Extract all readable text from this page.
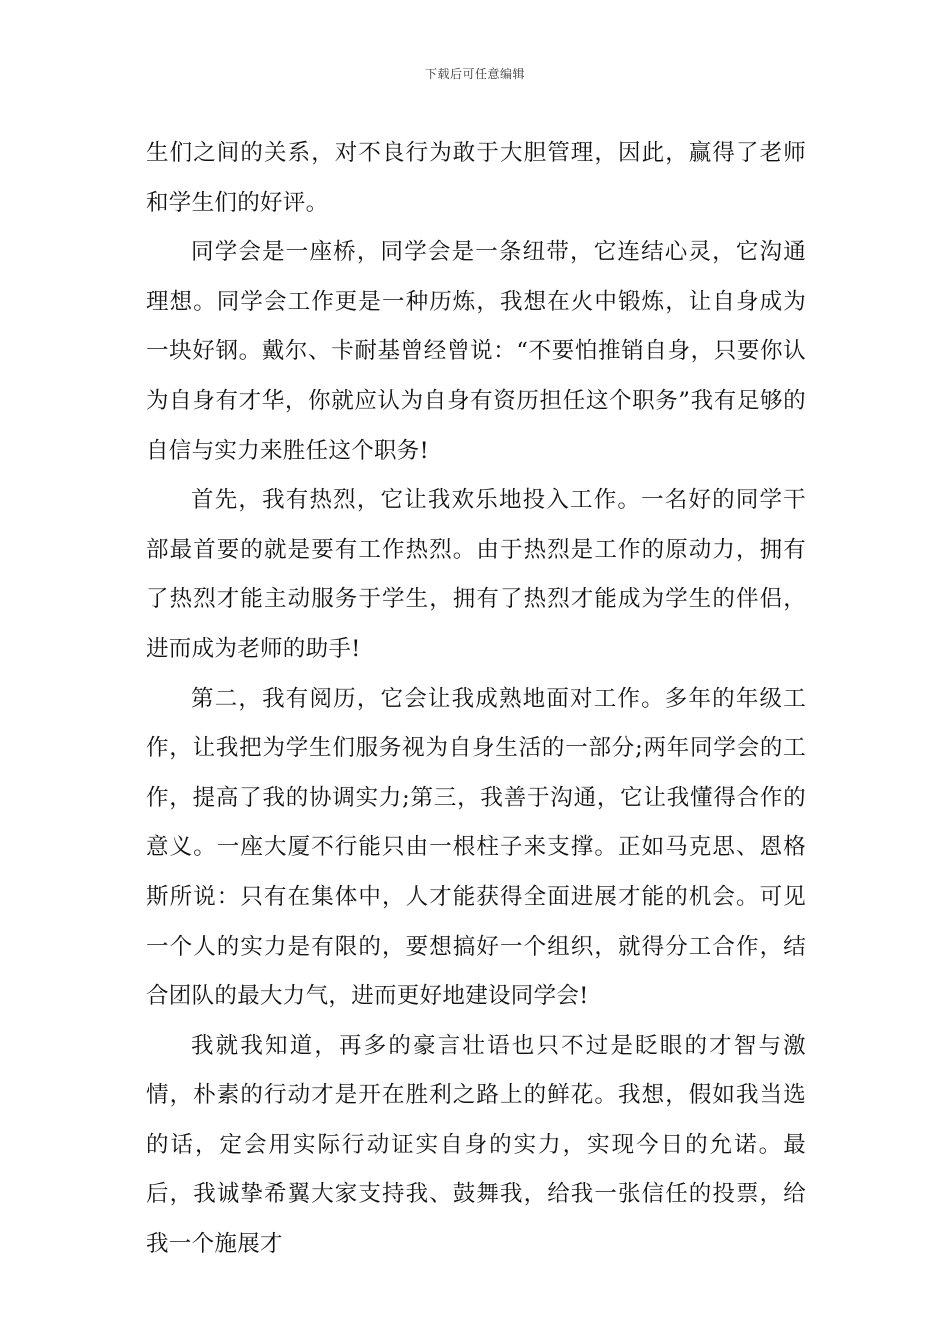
下载后可任意编辑

生们之间的关系，对不良行为敢于大胆管理，因此，赢得了老师和学生们的好评。

同学会是一座桥，同学会是一条纽带，它连结心灵，它沟通理想。同学会工作更是一种历炼，我想在火中锻炼，让自身成为一块好钢。戴尔、卡耐基曾经曾说：“不要怕推销自身，只要你认为自身有才华，你就应认为自身有资历担任这个职务”我有足够的自信与实力来胜任这个职务!

首先，我有热烈，它让我欢乐地投入工作。一名好的同学干部最首要的就是要有工作热烈。由于热烈是工作的原动力，拥有了热烈才能主动服务于学生，拥有了热烈才能成为学生的伴侣，进而成为老师的助手!

第二，我有阅历，它会让我成熟地面对工作。多年的年级工作，让我把为学生们服务视为自身生活的一部分;两年同学会的工作，提高了我的协调实力;第三，我善于沟通，它让我懂得合作的意义。一座大厦不行能只由一根柱子来支撑。正如马克思、恩格斯所说：只有在集体中，人才能获得全面进展才能的机会。可见一个人的实力是有限的，要想搞好一个组织，就得分工合作，结合团队的最大力气，进而更好地建设同学会!

我就我知道，再多的豪言壮语也只不过是眨眼的才智与激情，朴素的行动才是开在胜利之路上的鲜花。我想，假如我当选的话，定会用实际行动证实自身的实力，实现今日的允诺。最后，我诚挚希翼大家支持我、鼓舞我，给我一张信任的投票，给我一个施展才
